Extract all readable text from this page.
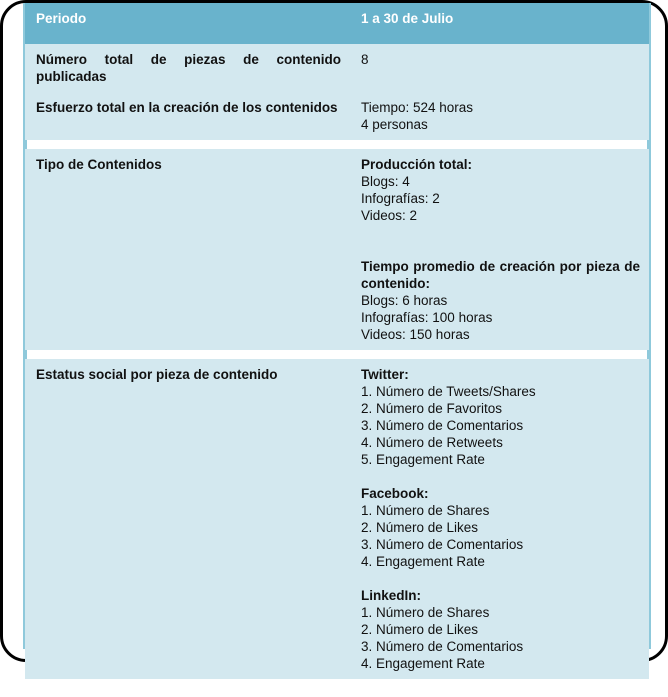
Periodo	1 a 30 de Julio
Número total de piezas de contenido publicadas	8

Esfuerzo total en la creación de los contenidos	Tiempo: 524 horas
4 personas

Tipo de Contenidos	Producción total:
Blogs: 4
Infografías: 2
Videos: 2
Tiempo promedio de creación por pieza de contenido:
Blogs: 6 horas
Infografías: 100 horas
Videos: 150 horas

Estatus social por pieza de contenido	Twitter:
1. Número de Tweets/Shares
2. Número de Favoritos
3. Número de Comentarios
4. Número de Retweets
5. Engagement Rate
Facebook:
1. Número de Shares
2. Número de Likes
3. Número de Comentarios
4. Engagement Rate
LinkedIn:
1. Número de Shares
2. Número de Likes
3. Número de Comentarios
4. Engagement Rate
